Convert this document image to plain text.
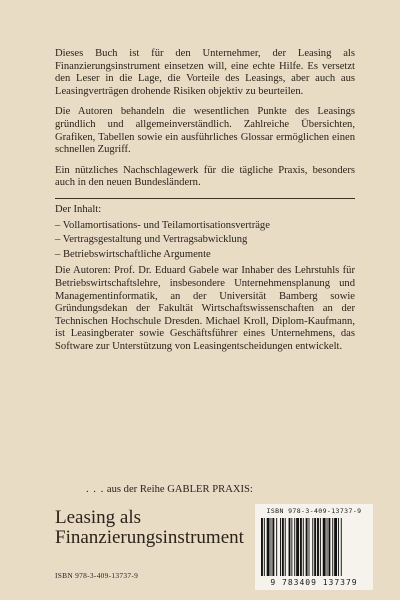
Dieses Buch ist für den Unternehmer, der Leasing als Finanzierungsinstrument einsetzen will, eine echte Hilfe. Es versetzt den Leser in die Lage, die Vorteile des Leasings, aber auch aus Leasingverträgen drohende Risiken objektiv zu beurteilen.

Die Autoren behandeln die wesentlichen Punkte des Leasings gründlich und allgemeinverständlich. Zahlreiche Übersichten, Grafiken, Tabellen sowie ein ausführliches Glossar ermöglichen einen schnellen Zugriff.

Ein nützliches Nachschlagewerk für die tägliche Praxis, besonders auch in den neuen Bundesländern.

Der Inhalt:
– Vollamortisations- und Teilamortisationsverträge
– Vertragsgestaltung und Vertragsabwicklung
– Betriebswirtschaftliche Argumente

Die Autoren: Prof. Dr. Eduard Gabele war Inhaber des Lehrstuhls für Betriebswirtschaftslehre, insbesondere Unternehmensplanung und Managementinformatik, an der Universität Bamberg sowie Gründungsdekan der Fakultät Wirtschaftswissenschaften an der Technischen Hochschule Dresden. Michael Kroll, Diplom-Kaufmann, ist Leasingberater sowie Geschäftsführer eines Unternehmens, das Software zur Unterstützung von Leasingentscheidungen entwickelt.

. . . aus der Reihe GABLER PRAXIS:
Leasing als
Finanzierungsinstrument
ISBN 978-3-409-13737-9
ISBN 978-3-409-13737-9
9 783409 137379
